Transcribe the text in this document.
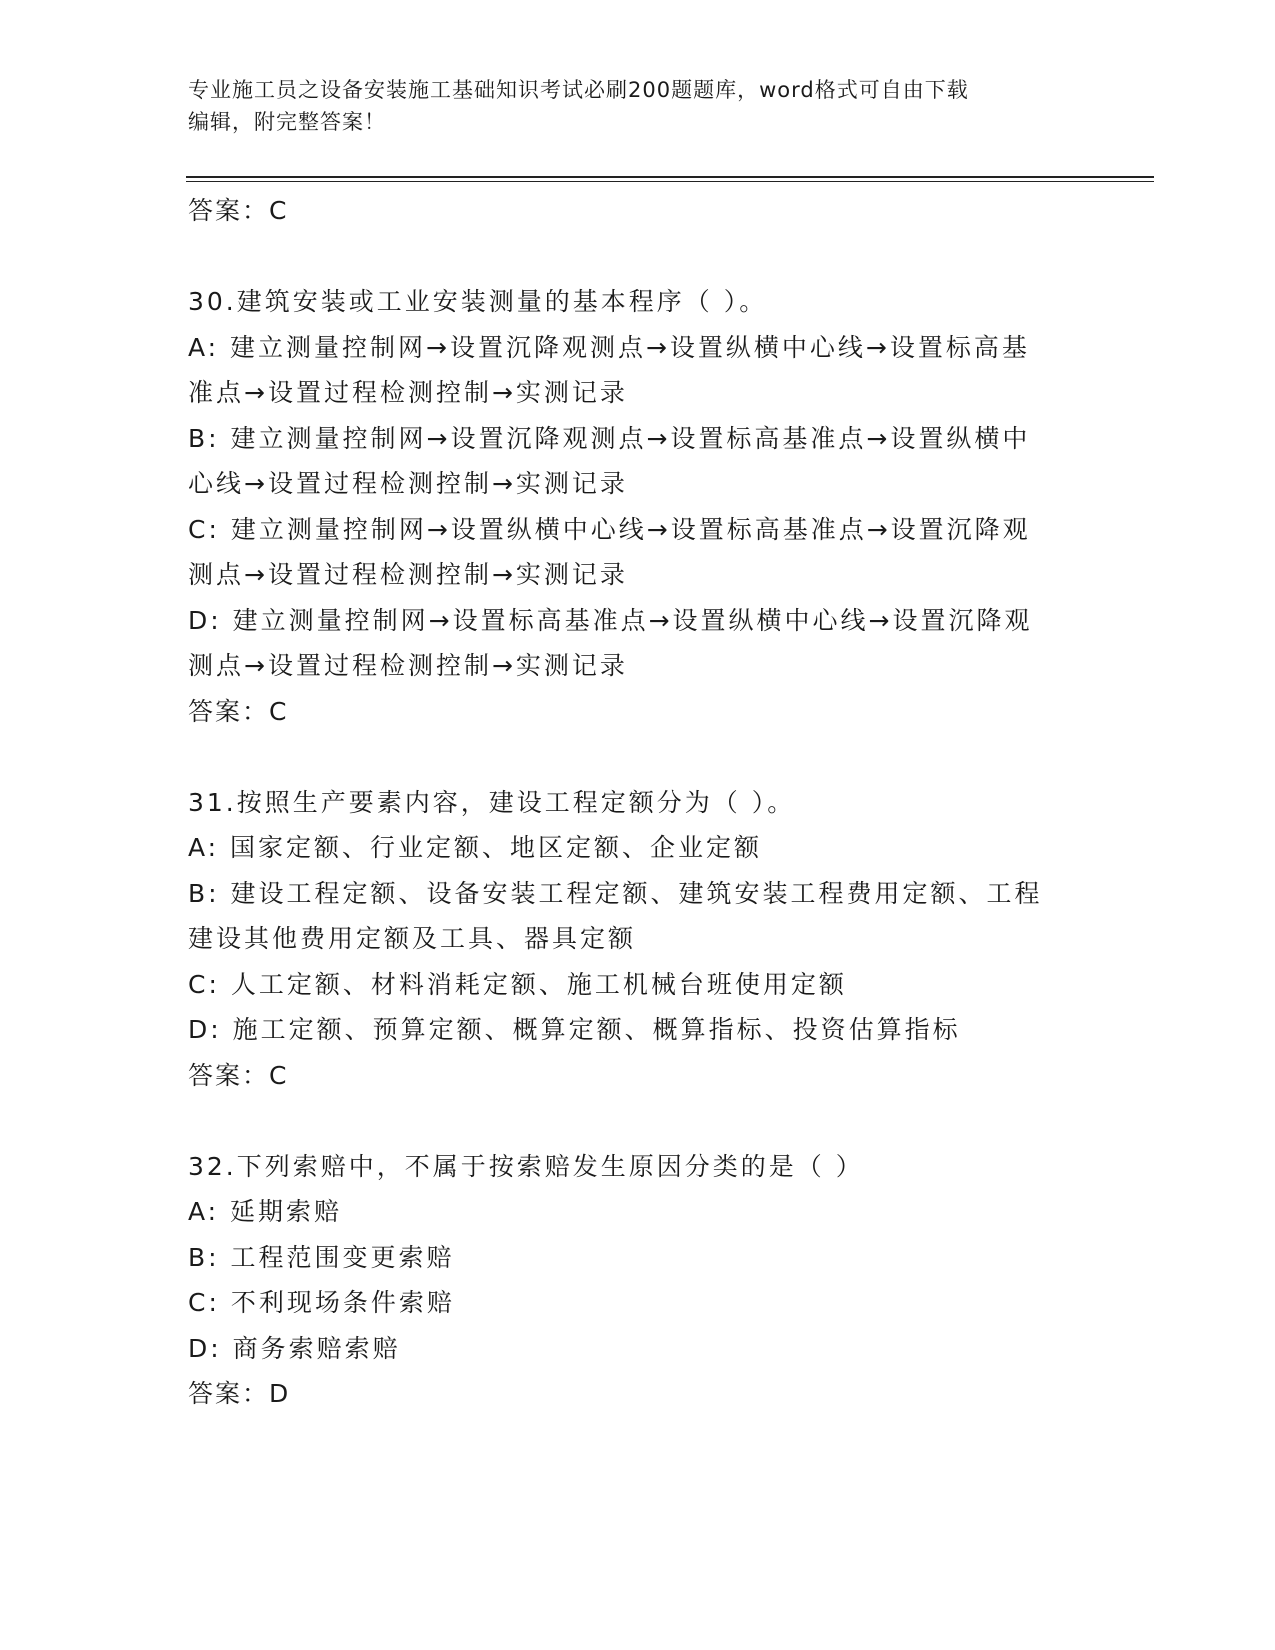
专业施工员之设备安装施工基础知识考试必刷200题题库，word格式可自由下载
编辑，附完整答案！
答案：C
30.建筑安装或工业安装测量的基本程序（ ）。
A: 建立测量控制网→设置沉降观测点→设置纵横中心线→设置标高基
准点→设置过程检测控制→实测记录
B: 建立测量控制网→设置沉降观测点→设置标高基准点→设置纵横中
心线→设置过程检测控制→实测记录
C: 建立测量控制网→设置纵横中心线→设置标高基准点→设置沉降观
测点→设置过程检测控制→实测记录
D: 建立测量控制网→设置标高基准点→设置纵横中心线→设置沉降观
测点→设置过程检测控制→实测记录
答案：C
31.按照生产要素内容，建设工程定额分为（ ）。
A: 国家定额、行业定额、地区定额、企业定额
B: 建设工程定额、设备安装工程定额、建筑安装工程费用定额、工程
建设其他费用定额及工具、器具定额
C: 人工定额、材料消耗定额、施工机械台班使用定额
D: 施工定额、预算定额、概算定额、概算指标、投资估算指标
答案：C
32.下列索赔中，不属于按索赔发生原因分类的是（ ）
A: 延期索赔
B: 工程范围变更索赔
C: 不利现场条件索赔
D: 商务索赔索赔
答案：D
